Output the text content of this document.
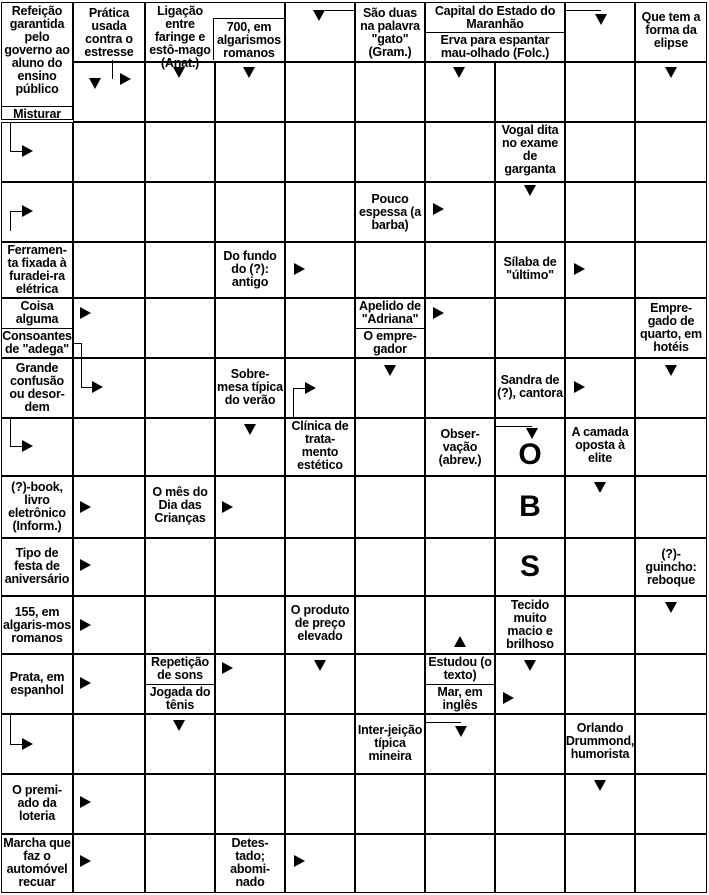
Refeição garantida pelo governo ao aluno do ensino público
Misturar
Prática usada contra o estresse
Ligação entre faringe e estô-mago
700, em algarismos romanos
São duas na palavra "gato" (Gram.)
Capital do Estado do Maranhão
Erva para espantar mau-olhado (Folc.)
Que tem a forma da elipse
Vogal dita no exame de garganta
Pouco espessa (a barba)
Ferramen-ta fixada à furadei-ra elétrica
Do fundo do (?): antigo
Sílaba de "último"
Coisa alguma
Consoantes de "adega"
Apelido de "Adriana"
O empre-gador
Empre-gado de quarto, em hotéis
Grande confusão ou desor-dem
Sobre-mesa típica do verão
Sandra de (?), cantora
Clínica de trata-mento estético
Obser-vação (abrev.)	O
A camada oposta à elite
(?)-book, livro eletrônico (Inform.)
O mês do Dia das Crianças	B
Tipo de festa de aniversário	S	(?)-guincho: reboque
155, em algaris-mos romanos
O produto de preço elevado
Tecido muito macio e brilhoso
Prata, em espanhol
Repetição de sons
Jogada do tênis
Estudou (o texto)
Mar, em inglês
Inter-jeição típica mineira
Orlando Drummond, humorista
O premi-ado da loteria
Marcha que faz o automóvel recuar
Detes-tado; abomi-nado
